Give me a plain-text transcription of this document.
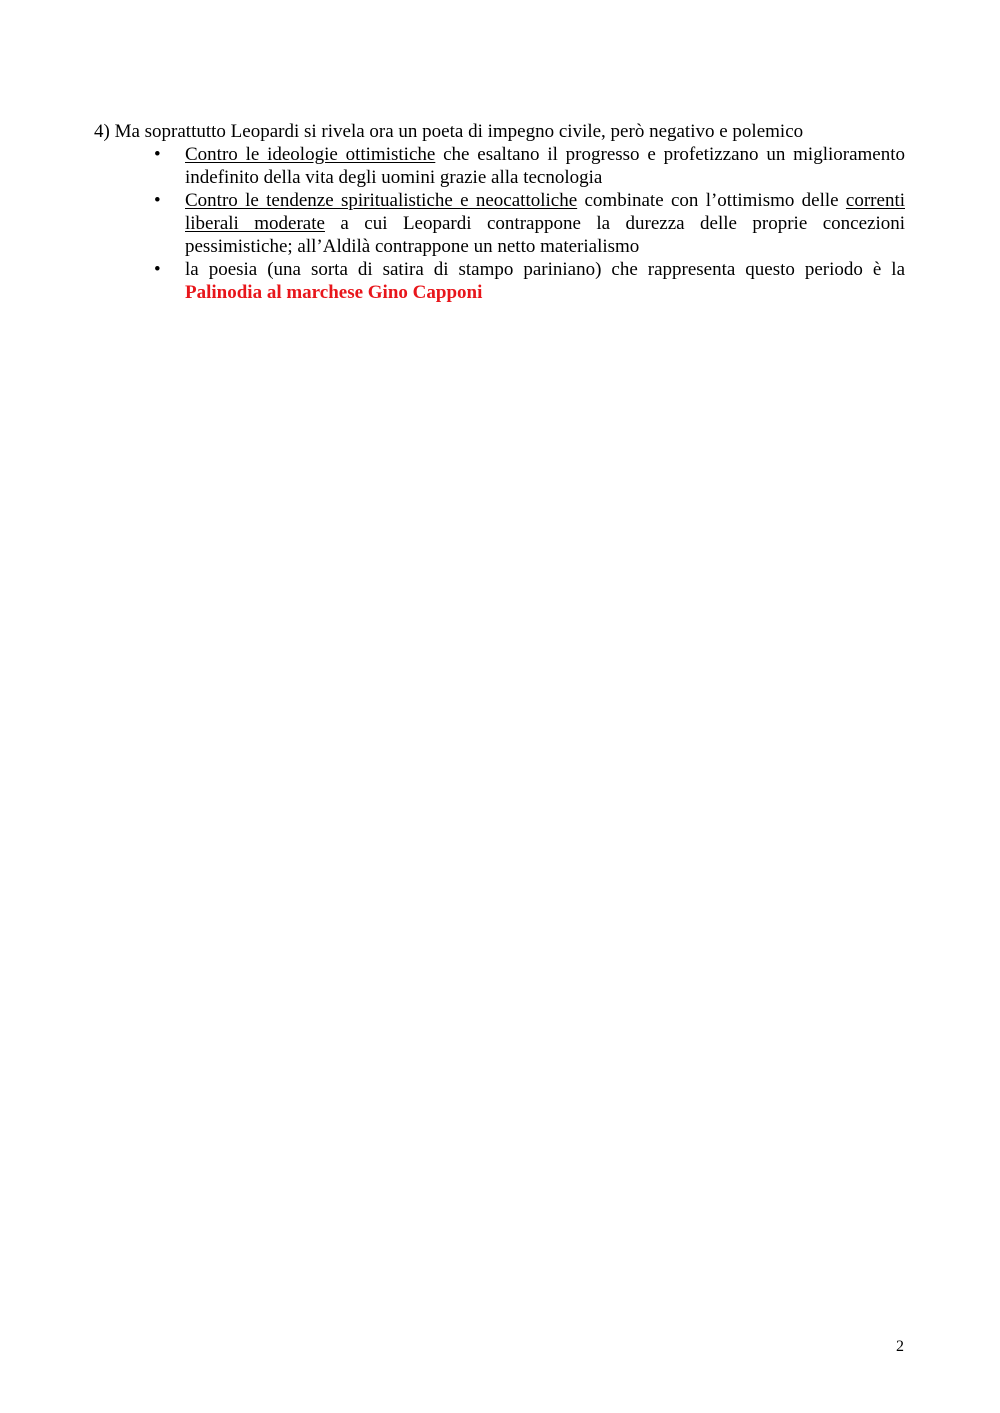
4) Ma soprattutto Leopardi si rivela ora un poeta di impegno civile, però negativo e polemico

• Contro le ideologie ottimistiche che esaltano il progresso e profetizzano un miglioramento indefinito della vita degli uomini grazie alla tecnologia
• Contro le tendenze spiritualistiche e neocattoliche combinate con l’ottimismo delle correnti liberali moderate a cui Leopardi contrappone la durezza delle proprie concezioni pessimistiche; all’Aldilà contrappone un netto materialismo
• la poesia (una sorta di satira di stampo pariniano) che rappresenta questo periodo è la Palinodia al marchese Gino Capponi
2
